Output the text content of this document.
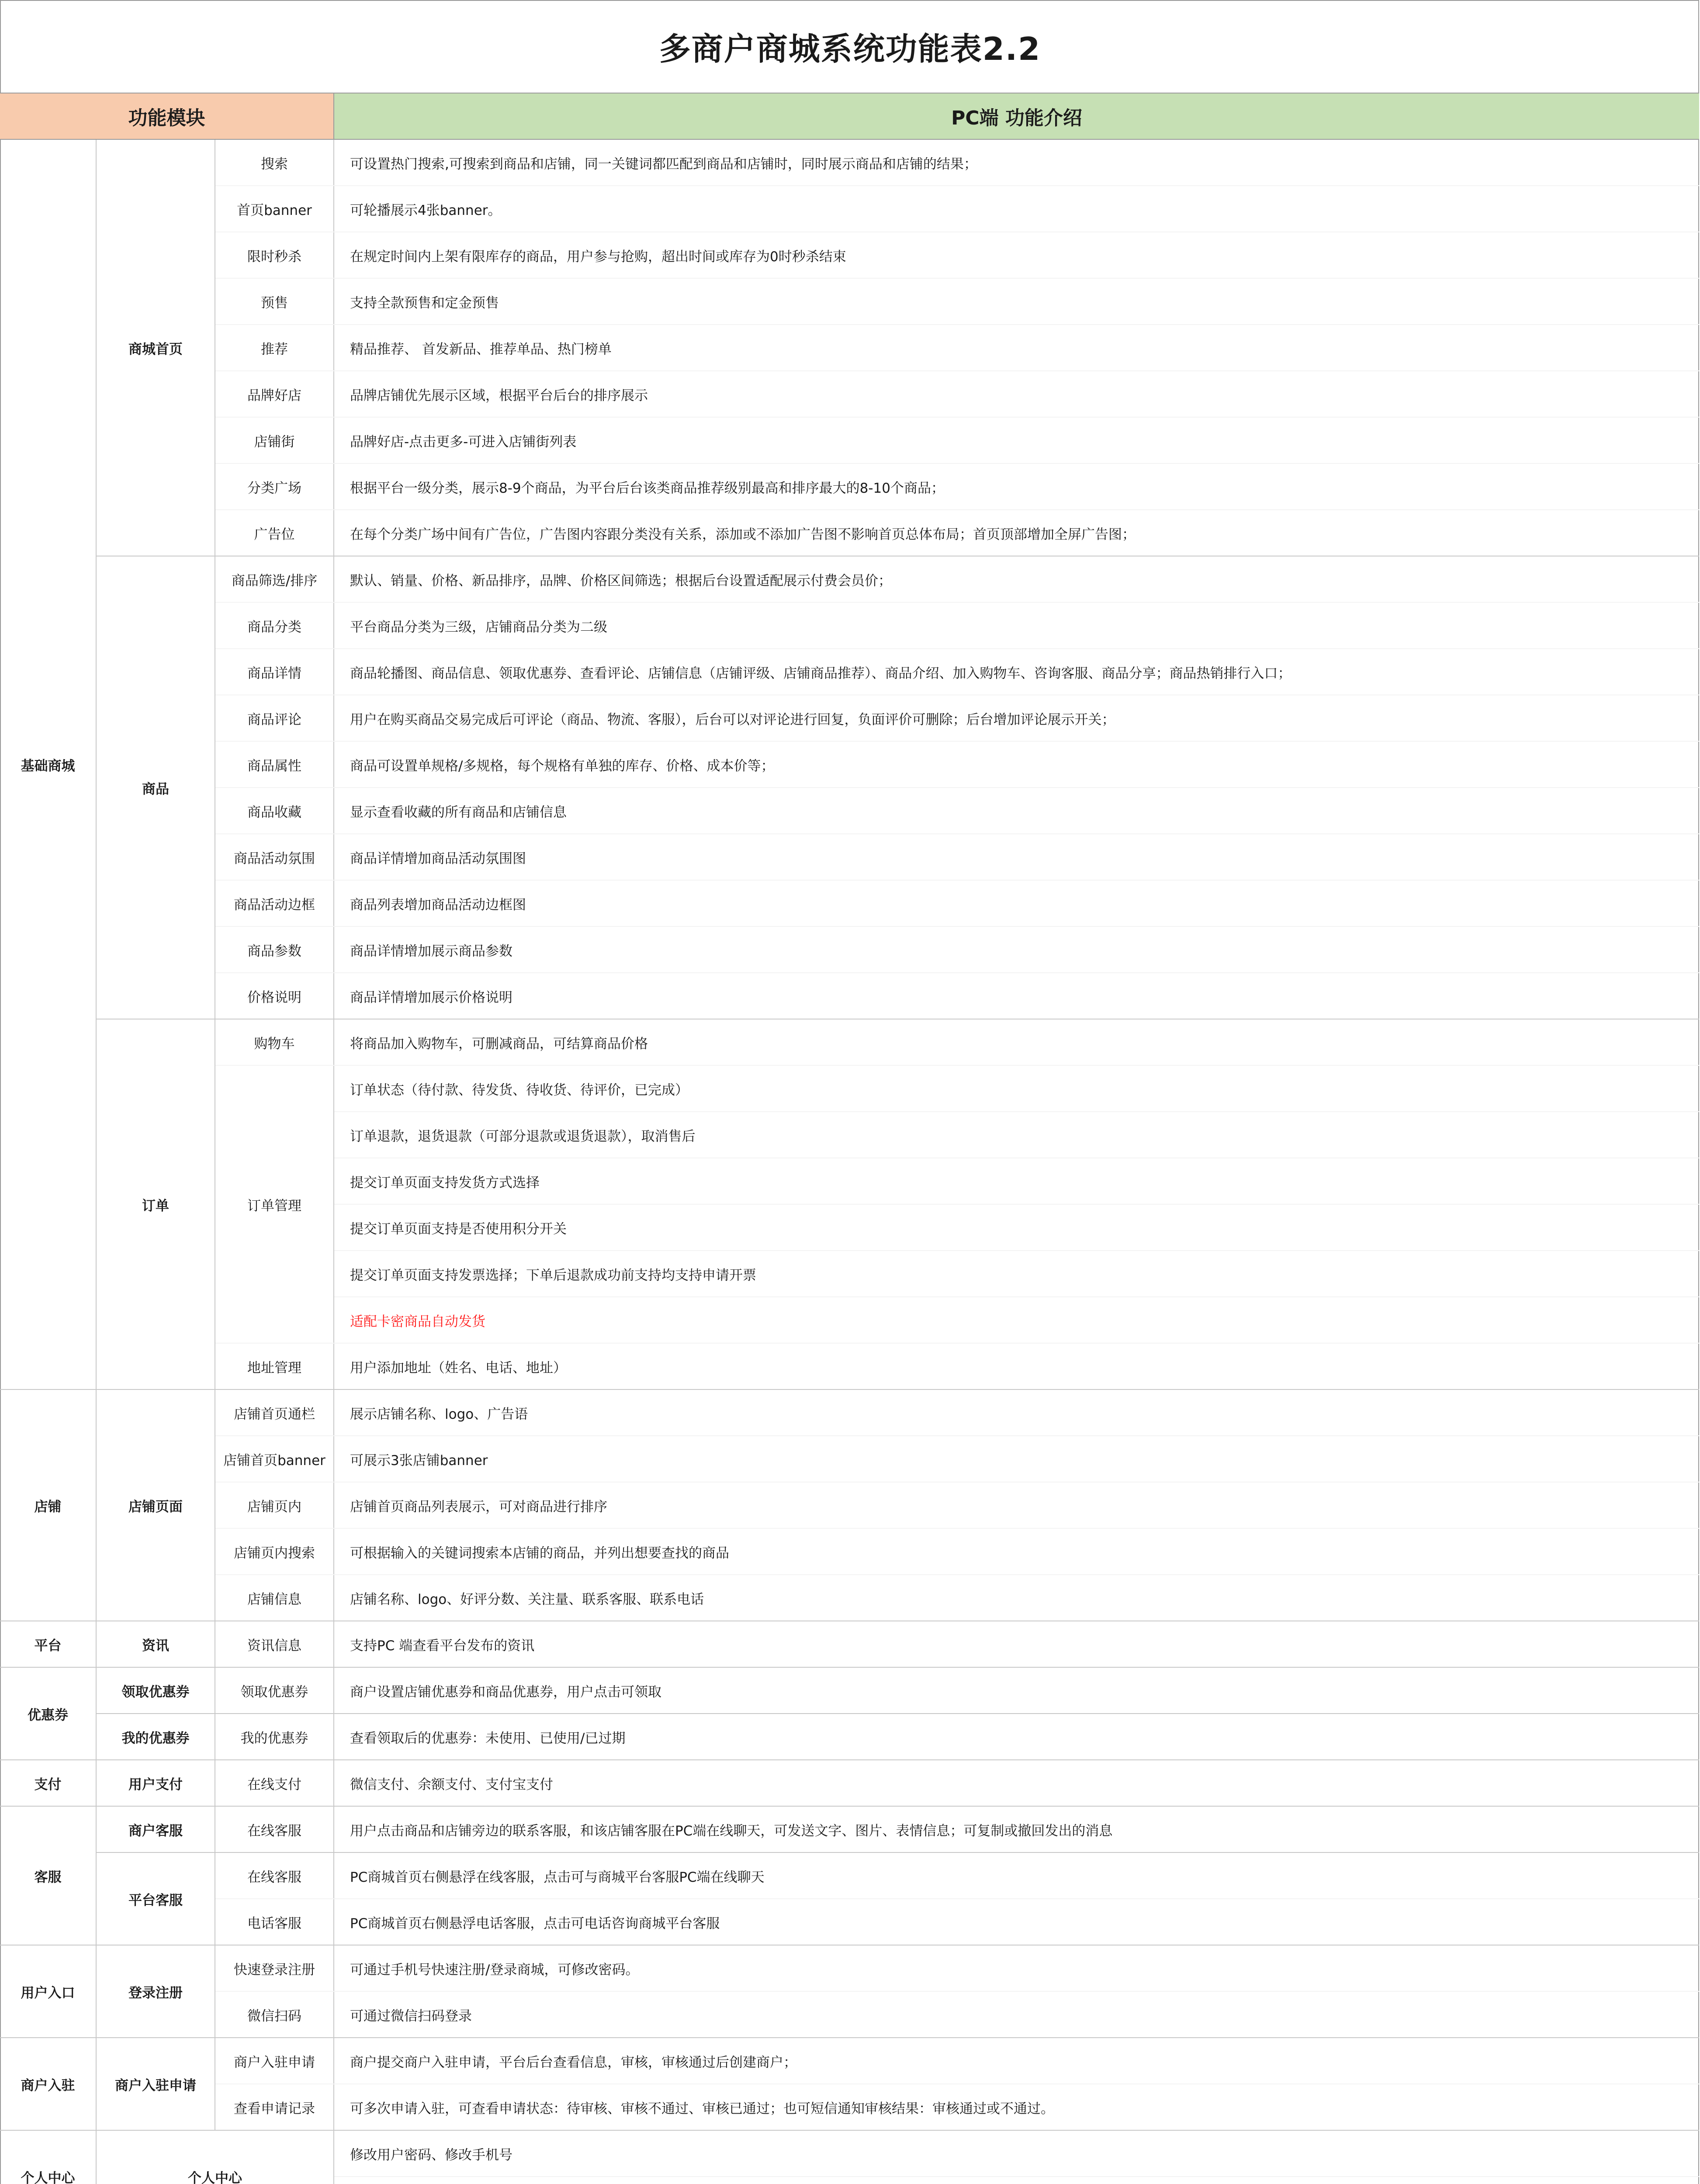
多商户商城系统功能表2.2
功能模块			PC端 功能介绍
基础商城	商城首页	搜索	可设置热门搜索,可搜索到商品和店铺，同一关键词都匹配到商品和店铺时，同时展示商品和店铺的结果；
		首页banner	可轮播展示4张banner。
		限时秒杀	在规定时间内上架有限库存的商品，用户参与抢购，超出时间或库存为0时秒杀结束
		预售	支持全款预售和定金预售
		推荐	精品推荐、 首发新品、推荐单品、热门榜单
		品牌好店	品牌店铺优先展示区域，根据平台后台的排序展示
		店铺街	品牌好店-点击更多-可进入店铺街列表
		分类广场	根据平台一级分类，展示8-9个商品，为平台后台该类商品推荐级别最高和排序最大的8-10个商品；
		广告位	在每个分类广场中间有广告位，广告图内容跟分类没有关系，添加或不添加广告图不影响首页总体布局；首页顶部增加全屏广告图；
	商品	商品筛选/排序	默认、销量、价格、新品排序，品牌、价格区间筛选；根据后台设置适配展示付费会员价；
		商品分类	平台商品分类为三级，店铺商品分类为二级
		商品详情	商品轮播图、商品信息、领取优惠券、查看评论、店铺信息（店铺评级、店铺商品推荐）、商品介绍、加入购物车、咨询客服、商品分享；商品热销排行入口；
		商品评论	用户在购买商品交易完成后可评论（商品、物流、客服），后台可以对评论进行回复，负面评价可删除；后台增加评论展示开关；
		商品属性	商品可设置单规格/多规格，每个规格有单独的库存、价格、成本价等；
		商品收藏	显示查看收藏的所有商品和店铺信息
		商品活动氛围	商品详情增加商品活动氛围图
		商品活动边框	商品列表增加商品活动边框图
		商品参数	商品详情增加展示商品参数
		价格说明	商品详情增加展示价格说明
	订单	购物车	将商品加入购物车，可删减商品，可结算商品价格
		订单管理	订单状态（待付款、待发货、待收货、待评价，已完成）
			订单退款，退货退款（可部分退款或退货退款），取消售后
			提交订单页面支持发货方式选择
			提交订单页面支持是否使用积分开关
			提交订单页面支持发票选择；下单后退款成功前支持均支持申请开票
			适配卡密商品自动发货
		地址管理	用户添加地址（姓名、电话、地址）
店铺	店铺页面	店铺首页通栏	展示店铺名称、logo、广告语
		店铺首页banner	可展示3张店铺banner
		店铺页内	店铺首页商品列表展示，可对商品进行排序
		店铺页内搜索	可根据输入的关键词搜索本店铺的商品，并列出想要查找的商品
		店铺信息	店铺名称、logo、好评分数、关注量、联系客服、联系电话
平台	资讯	资讯信息	支持PC 端查看平台发布的资讯
优惠券	领取优惠券	领取优惠券	商户设置店铺优惠券和商品优惠券，用户点击可领取
	我的优惠券	我的优惠券	查看领取后的优惠券：未使用、已使用/已过期
支付	用户支付	在线支付	微信支付、余额支付、支付宝支付
客服	商户客服	在线客服	用户点击商品和店铺旁边的联系客服，和该店铺客服在PC端在线聊天，可发送文字、图片、表情信息；可复制或撤回发出的消息
	平台客服	在线客服	PC商城首页右侧悬浮在线客服，点击可与商城平台客服PC端在线聊天
		电话客服	PC商城首页右侧悬浮电话客服，点击可电话咨询商城平台客服
用户入口	登录注册	快速登录注册	可通过手机号快速注册/登录商城，可修改密码。
		微信扫码	可通过微信扫码登录
商户入驻	商户入驻申请	商户入驻申请	商户提交商户入驻申请，平台后台查看信息，审核，审核通过后创建商户；
		查看申请记录	可多次申请入驻，可查看申请状态：待审核、审核不通过、审核已通过；也可短信通知审核结果：审核通过或不通过。
个人中心	个人中心		修改用户密码、修改手机号
